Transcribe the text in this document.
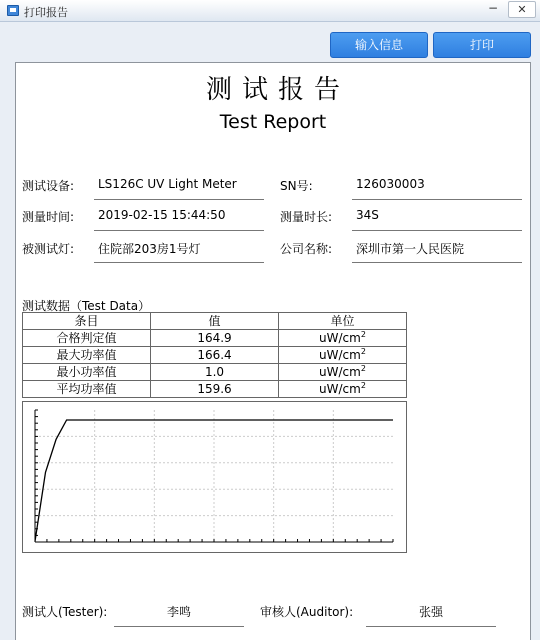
打印报告	−	✕
输入信息	打印
测试报告
Test Report
测试设备: LS126C UV Light Meter	SN号:	126030003
测量时间: 2019-02-15 15:44:50	测量时长: 34S
被测试灯: 住院部203房1号灯	公司名称: 深圳市第一人民医院
测试数据（Test Data）
条目	值	单位
合格判定值	164.9	$uW/cm^2$
最大功率值	166.4	$uW/cm^2$
最小功率值	1.0	$uW/cm^2$
平均功率值	159.6	$uW/cm^2$
测试人(Tester):	李鸣	审核人(Auditor):	张强
